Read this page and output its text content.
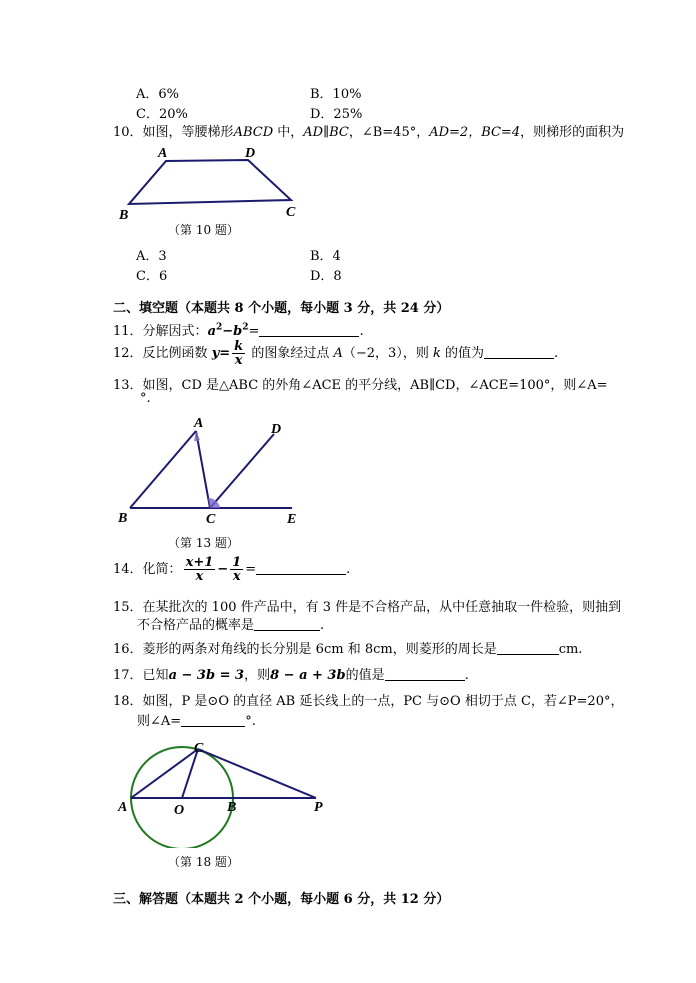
A．6%	B．10%
C．20%	D．25%
10．如图，等腰梯形ABCD 中，AD∥BC，∠B=45°，AD=2，BC=4，则梯形的面积为
A	D
B	C
（第 10 题）
A．3	B．4
C．6	D．8
二、填空题（本题共 8 个小题，每小题 3 分，共 24 分）
11．分解因式：$a^2-b^2=$	.
12．反比例函数 $y= \frac{k}{x}$ 的图象经过点 A（−2，3），则 k 的值为	.
13．如图，CD 是△ABC 的外角∠ACE 的平分线，AB∥CD，∠ACE=100°，则∠A=
°.
A	D
B	C	E
（第 13 题）
14．化简： $\frac{x+1}{x} - \frac{1}{x}$ =	.
15．在某批次的 100 件产品中，有 3 件是不合格产品，从中任意抽取一件检验，则抽到
不合格产品的概率是	.
16．菱形的两条对角线的长分别是 6cm 和 8cm，则菱形的周长是	cm.
17．已知a − 3b = 3，则8 − a + 3b的值是	.
18．如图，P 是⊙O 的直径 AB 延长线上的一点，PC 与⊙O 相切于点 C，若∠P=20°，
则∠A=	°.
C
A	O	B	P
（第 18 题）
三、解答题（本题共 2 个小题，每小题 6 分，共 12 分）
